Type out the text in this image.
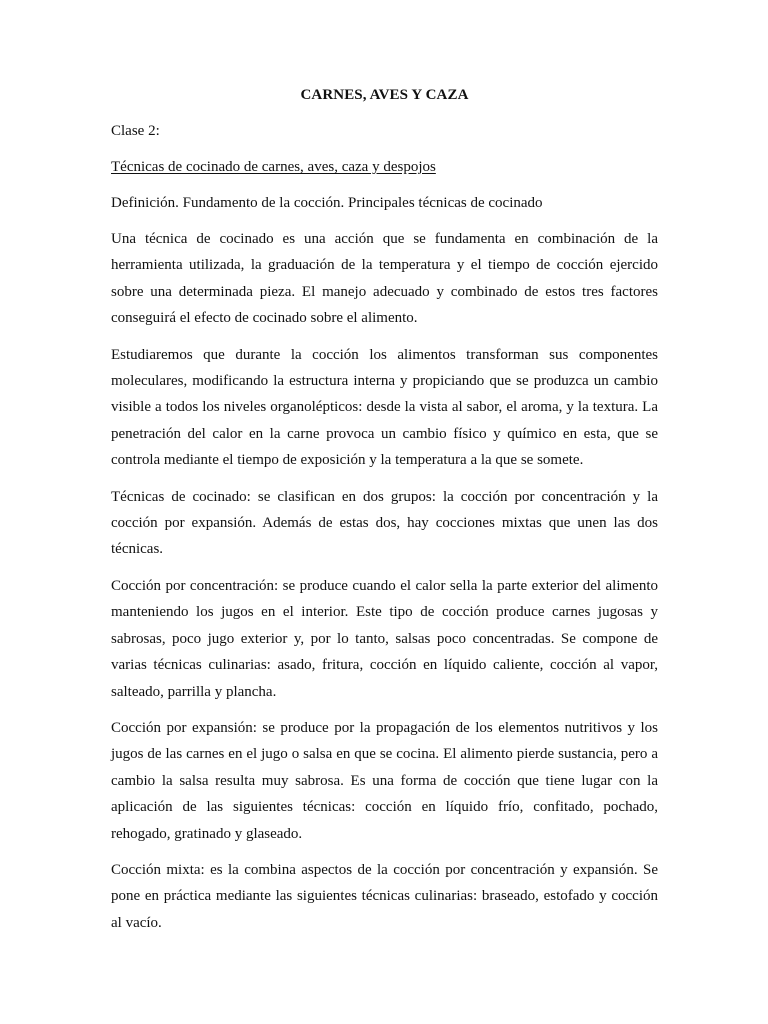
CARNES, AVES Y CAZA
Clase 2:
Técnicas de cocinado de carnes, aves, caza y despojos
Definición. Fundamento de la cocción. Principales técnicas de cocinado

Una técnica de cocinado es una acción que se fundamenta en combinación de la herramienta utilizada, la graduación de la temperatura y el tiempo de cocción ejercido sobre una determinada pieza. El manejo adecuado y combinado de estos tres factores conseguirá el efecto de cocinado sobre el alimento.

Estudiaremos que durante la cocción los alimentos transforman sus componentes moleculares, modificando la estructura interna y propiciando que se produzca un cambio visible a todos los niveles organolépticos: desde la vista al sabor, el aroma, y la textura. La penetración del calor en la carne provoca un cambio físico y químico en esta, que se controla mediante el tiempo de exposición y la temperatura a la que se somete.

Técnicas de cocinado: se clasifican en dos grupos: la cocción por concentración y la cocción por expansión. Además de estas dos, hay cocciones mixtas que unen las dos técnicas.

Cocción por concentración: se produce cuando el calor sella la parte exterior del alimento manteniendo los jugos en el interior. Este tipo de cocción produce carnes jugosas y sabrosas, poco jugo exterior y, por lo tanto, salsas poco concentradas. Se compone de varias técnicas culinarias: asado, fritura, cocción en líquido caliente, cocción al vapor, salteado, parrilla y plancha.

Cocción por expansión: se produce por la propagación de los elementos nutritivos y los jugos de las carnes en el jugo o salsa en que se cocina. El alimento pierde sustancia, pero a cambio la salsa resulta muy sabrosa. Es una forma de cocción que tiene lugar con la aplicación de las siguientes técnicas: cocción en líquido frío, confitado, pochado, rehogado, gratinado y glaseado.

Cocción mixta: es la combina aspectos de la cocción por concentración y expansión. Se pone en práctica mediante las siguientes técnicas culinarias: braseado, estofado y cocción al vacío.
